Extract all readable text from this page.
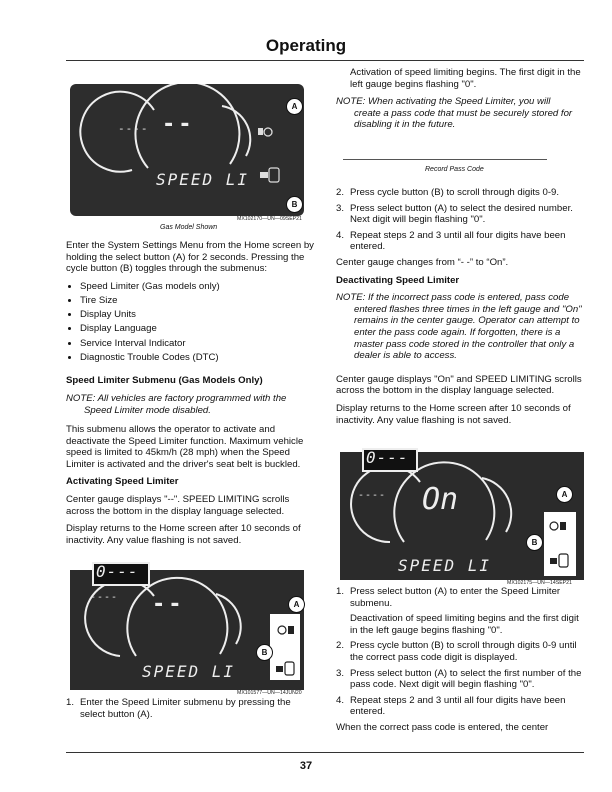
Operating
---- --
SPEED LI
A
B
MX102170—UN—09SEP21
Gas Model Shown

Enter the System Settings Menu from the Home screen by holding the select button (A) for 2 seconds. Pressing the cycle button (B) toggles through the submenus:

• Speed Limiter (Gas models only)
• Tire Size
• Display Units
• Display Language
• Service Interval Indicator
• Diagnostic Trouble Codes (DTC)

Speed Limiter Submenu (Gas Models Only)

NOTE: All vehicles are factory programmed with the
Speed Limiter mode disabled.

This submenu allows the operator to activate and deactivate the Speed Limiter function. Maximum vehicle speed is limited to 45km/h (28 mph) when the Speed Limiter is activated and the driver's seat belt is buckled.

Activating Speed Limiter

Center gauge displays "--". SPEED LIMITING scrolls across the bottom in the display language selected.

Display returns to the Home screen after 10 seconds of inactivity. Any value flashing is not saved.

0---
---- --
SPEED LI
A
B
MX101577—UN—14JUN20
1. Enter the Speed Limiter submenu by pressing the select button (A).

Activation of speed limiting begins. The first digit in the left gauge begins flashing "0".

NOTE: When activating the Speed Limiter, you will
create a pass code that must be securely stored for disabling it in the future.

Record Pass Code
2. Press cycle button (B) to scroll through digits 0-9.
3. Press select button (A) to select the desired number. Next digit will begin flashing "0".
4. Repeat steps 2 and 3 until all four digits have been entered.

Center gauge changes from “- -” to “On”.

Deactivating Speed Limiter

NOTE: If the incorrect pass code is entered, pass code
entered flashes three times in the left gauge and "On" remains in the center gauge. Operator can attempt to enter the pass code again. If forgotten, there is a master pass code stored in the controller that only a dealer is able to access.

Center gauge displays "On" and SPEED LIMITING scrolls across the bottom in the display language selected.

Display returns to the Home screen after 10 seconds of inactivity. Any value flashing is not saved.

0---
---- On
SPEED LI
A
B
MX102175—UN—14SEP21
1. Press select button (A) to enter the Speed Limiter submenu.
Deactivation of speed limiting begins and the first digit in the left gauge begins flashing "0".
2. Press cycle button (B) to scroll through digits 0-9 until the correct pass code digit is displayed.
3. Press select button (A) to select the first number of the pass code. Next digit will begin flashing "0".
4. Repeat steps 2 and 3 until all four digits have been entered.

When the correct pass code is entered, the center

37
